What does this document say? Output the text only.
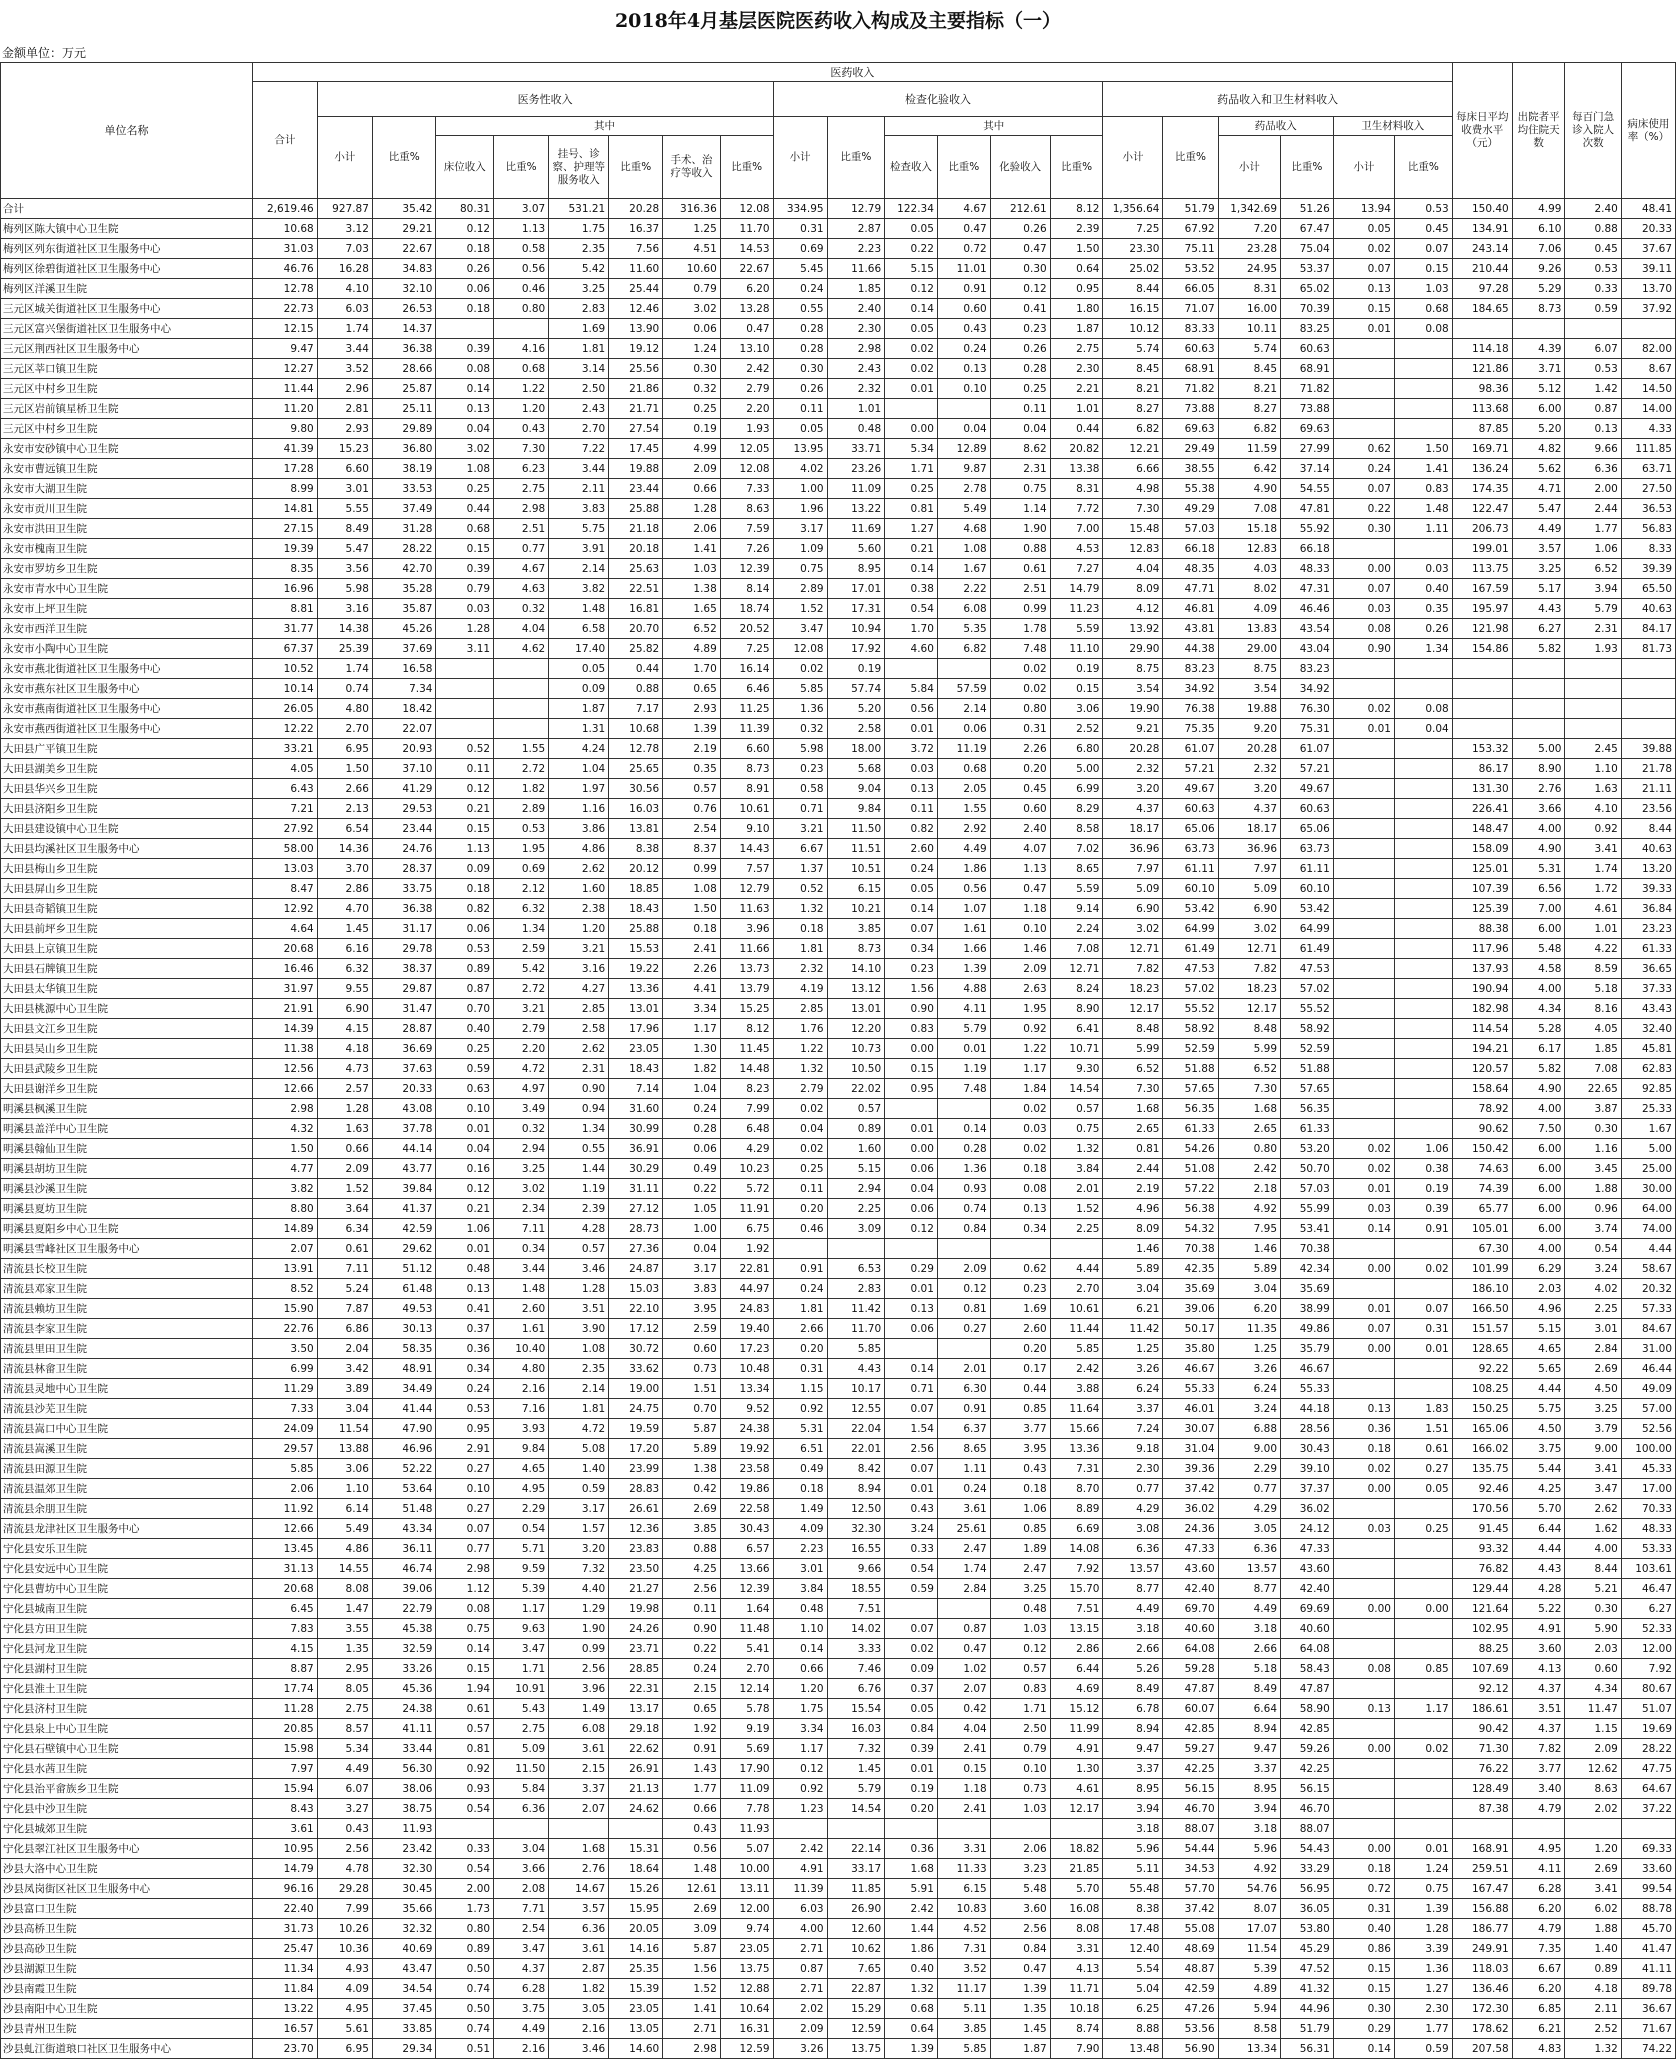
2018年4月基层医院医药收入构成及主要指标（一）
金额单位：万元
单位名称	医药收入																					每床日平均收费水平（元）	出院者平均住院天数	每百门急诊入院人次数	病床使用率（%）
	合计	医务性收入								检查化验收入						药品收入和卫生材料收入									
		小计	比重%	其中						小计	比重%	其中				小计	比重%	药品收入		卫生材料收入					
				床位收入	比重%	挂号、诊察、护理等服务收入	比重%	手术、治疗等收入	比重%			检查收入	比重%	化验收入	比重%			小计	比重%	小计	比重%				
合计	2,619.46	927.87	35.42	80.31	3.07	531.21	20.28	316.36	12.08	334.95	12.79	122.34	4.67	212.61	8.12	1,356.64	51.79	1,342.69	51.26	13.94	0.53	150.40	4.99	2.40	48.41
梅列区陈大镇中心卫生院	10.68	3.12	29.21	0.12	1.13	1.75	16.37	1.25	11.70	0.31	2.87	0.05	0.47	0.26	2.39	7.25	67.92	7.20	67.47	0.05	0.45	134.91	6.10	0.88	20.33
梅列区列东街道社区卫生服务中心	31.03	7.03	22.67	0.18	0.58	2.35	7.56	4.51	14.53	0.69	2.23	0.22	0.72	0.47	1.50	23.30	75.11	23.28	75.04	0.02	0.07	243.14	7.06	0.45	37.67
梅列区徐碧街道社区卫生服务中心	46.76	16.28	34.83	0.26	0.56	5.42	11.60	10.60	22.67	5.45	11.66	5.15	11.01	0.30	0.64	25.02	53.52	24.95	53.37	0.07	0.15	210.44	9.26	0.53	39.11
梅列区洋溪卫生院	12.78	4.10	32.10	0.06	0.46	3.25	25.44	0.79	6.20	0.24	1.85	0.12	0.91	0.12	0.95	8.44	66.05	8.31	65.02	0.13	1.03	97.28	5.29	0.33	13.70
三元区城关街道社区卫生服务中心	22.73	6.03	26.53	0.18	0.80	2.83	12.46	3.02	13.28	0.55	2.40	0.14	0.60	0.41	1.80	16.15	71.07	16.00	70.39	0.15	0.68	184.65	8.73	0.59	37.92
三元区富兴堡街道社区卫生服务中心	12.15	1.74	14.37			1.69	13.90	0.06	0.47	0.28	2.30	0.05	0.43	0.23	1.87	10.12	83.33	10.11	83.25	0.01	0.08				
三元区荆西社区卫生服务中心	9.47	3.44	36.38	0.39	4.16	1.81	19.12	1.24	13.10	0.28	2.98	0.02	0.24	0.26	2.75	5.74	60.63	5.74	60.63			114.18	4.39	6.07	82.00
三元区莘口镇卫生院	12.27	3.52	28.66	0.08	0.68	3.14	25.56	0.30	2.42	0.30	2.43	0.02	0.13	0.28	2.30	8.45	68.91	8.45	68.91			121.86	3.71	0.53	8.67
三元区中村乡卫生院	11.44	2.96	25.87	0.14	1.22	2.50	21.86	0.32	2.79	0.26	2.32	0.01	0.10	0.25	2.21	8.21	71.82	8.21	71.82			98.36	5.12	1.42	14.50
三元区岩前镇星桥卫生院	11.20	2.81	25.11	0.13	1.20	2.43	21.71	0.25	2.20	0.11	1.01			0.11	1.01	8.27	73.88	8.27	73.88			113.68	6.00	0.87	14.00
三元区中村乡卫生院	9.80	2.93	29.89	0.04	0.43	2.70	27.54	0.19	1.93	0.05	0.48	0.00	0.04	0.04	0.44	6.82	69.63	6.82	69.63			87.85	5.20	0.13	4.33
永安市安砂镇中心卫生院	41.39	15.23	36.80	3.02	7.30	7.22	17.45	4.99	12.05	13.95	33.71	5.34	12.89	8.62	20.82	12.21	29.49	11.59	27.99	0.62	1.50	169.71	4.82	9.66	111.85
永安市曹远镇卫生院	17.28	6.60	38.19	1.08	6.23	3.44	19.88	2.09	12.08	4.02	23.26	1.71	9.87	2.31	13.38	6.66	38.55	6.42	37.14	0.24	1.41	136.24	5.62	6.36	63.71
永安市大湖卫生院	8.99	3.01	33.53	0.25	2.75	2.11	23.44	0.66	7.33	1.00	11.09	0.25	2.78	0.75	8.31	4.98	55.38	4.90	54.55	0.07	0.83	174.35	4.71	2.00	27.50
永安市贡川卫生院	14.81	5.55	37.49	0.44	2.98	3.83	25.88	1.28	8.63	1.96	13.22	0.81	5.49	1.14	7.72	7.30	49.29	7.08	47.81	0.22	1.48	122.47	5.47	2.44	36.53
永安市洪田卫生院	27.15	8.49	31.28	0.68	2.51	5.75	21.18	2.06	7.59	3.17	11.69	1.27	4.68	1.90	7.00	15.48	57.03	15.18	55.92	0.30	1.11	206.73	4.49	1.77	56.83
永安市槐南卫生院	19.39	5.47	28.22	0.15	0.77	3.91	20.18	1.41	7.26	1.09	5.60	0.21	1.08	0.88	4.53	12.83	66.18	12.83	66.18			199.01	3.57	1.06	8.33
永安市罗坊乡卫生院	8.35	3.56	42.70	0.39	4.67	2.14	25.63	1.03	12.39	0.75	8.95	0.14	1.67	0.61	7.27	4.04	48.35	4.03	48.33	0.00	0.03	113.75	3.25	6.52	39.39
永安市青水中心卫生院	16.96	5.98	35.28	0.79	4.63	3.82	22.51	1.38	8.14	2.89	17.01	0.38	2.22	2.51	14.79	8.09	47.71	8.02	47.31	0.07	0.40	167.59	5.17	3.94	65.50
永安市上坪卫生院	8.81	3.16	35.87	0.03	0.32	1.48	16.81	1.65	18.74	1.52	17.31	0.54	6.08	0.99	11.23	4.12	46.81	4.09	46.46	0.03	0.35	195.97	4.43	5.79	40.63
永安市西洋卫生院	31.77	14.38	45.26	1.28	4.04	6.58	20.70	6.52	20.52	3.47	10.94	1.70	5.35	1.78	5.59	13.92	43.81	13.83	43.54	0.08	0.26	121.98	6.27	2.31	84.17
永安市小陶中心卫生院	67.37	25.39	37.69	3.11	4.62	17.40	25.82	4.89	7.25	12.08	17.92	4.60	6.82	7.48	11.10	29.90	44.38	29.00	43.04	0.90	1.34	154.86	5.82	1.93	81.73
永安市燕北街道社区卫生服务中心	10.52	1.74	16.58			0.05	0.44	1.70	16.14	0.02	0.19			0.02	0.19	8.75	83.23	8.75	83.23						
永安市燕东社区卫生服务中心	10.14	0.74	7.34			0.09	0.88	0.65	6.46	5.85	57.74	5.84	57.59	0.02	0.15	3.54	34.92	3.54	34.92						
永安市燕南街道社区卫生服务中心	26.05	4.80	18.42			1.87	7.17	2.93	11.25	1.36	5.20	0.56	2.14	0.80	3.06	19.90	76.38	19.88	76.30	0.02	0.08				
永安市燕西街道社区卫生服务中心	12.22	2.70	22.07			1.31	10.68	1.39	11.39	0.32	2.58	0.01	0.06	0.31	2.52	9.21	75.35	9.20	75.31	0.01	0.04				
大田县广平镇卫生院	33.21	6.95	20.93	0.52	1.55	4.24	12.78	2.19	6.60	5.98	18.00	3.72	11.19	2.26	6.80	20.28	61.07	20.28	61.07			153.32	5.00	2.45	39.88
大田县湖美乡卫生院	4.05	1.50	37.10	0.11	2.72	1.04	25.65	0.35	8.73	0.23	5.68	0.03	0.68	0.20	5.00	2.32	57.21	2.32	57.21			86.17	8.90	1.10	21.78
大田县华兴乡卫生院	6.43	2.66	41.29	0.12	1.82	1.97	30.56	0.57	8.91	0.58	9.04	0.13	2.05	0.45	6.99	3.20	49.67	3.20	49.67			131.30	2.76	1.63	21.11
大田县济阳乡卫生院	7.21	2.13	29.53	0.21	2.89	1.16	16.03	0.76	10.61	0.71	9.84	0.11	1.55	0.60	8.29	4.37	60.63	4.37	60.63			226.41	3.66	4.10	23.56
大田县建设镇中心卫生院	27.92	6.54	23.44	0.15	0.53	3.86	13.81	2.54	9.10	3.21	11.50	0.82	2.92	2.40	8.58	18.17	65.06	18.17	65.06			148.47	4.00	0.92	8.44
大田县均溪社区卫生服务中心	58.00	14.36	24.76	1.13	1.95	4.86	8.38	8.37	14.43	6.67	11.51	2.60	4.49	4.07	7.02	36.96	63.73	36.96	63.73			158.09	4.90	3.41	40.63
大田县梅山乡卫生院	13.03	3.70	28.37	0.09	0.69	2.62	20.12	0.99	7.57	1.37	10.51	0.24	1.86	1.13	8.65	7.97	61.11	7.97	61.11			125.01	5.31	1.74	13.20
大田县屏山乡卫生院	8.47	2.86	33.75	0.18	2.12	1.60	18.85	1.08	12.79	0.52	6.15	0.05	0.56	0.47	5.59	5.09	60.10	5.09	60.10			107.39	6.56	1.72	39.33
大田县奇韬镇卫生院	12.92	4.70	36.38	0.82	6.32	2.38	18.43	1.50	11.63	1.32	10.21	0.14	1.07	1.18	9.14	6.90	53.42	6.90	53.42			125.39	7.00	4.61	36.84
大田县前坪乡卫生院	4.64	1.45	31.17	0.06	1.34	1.20	25.88	0.18	3.96	0.18	3.85	0.07	1.61	0.10	2.24	3.02	64.99	3.02	64.99			88.38	6.00	1.01	23.23
大田县上京镇卫生院	20.68	6.16	29.78	0.53	2.59	3.21	15.53	2.41	11.66	1.81	8.73	0.34	1.66	1.46	7.08	12.71	61.49	12.71	61.49			117.96	5.48	4.22	61.33
大田县石牌镇卫生院	16.46	6.32	38.37	0.89	5.42	3.16	19.22	2.26	13.73	2.32	14.10	0.23	1.39	2.09	12.71	7.82	47.53	7.82	47.53			137.93	4.58	8.59	36.65
大田县太华镇卫生院	31.97	9.55	29.87	0.87	2.72	4.27	13.36	4.41	13.79	4.19	13.12	1.56	4.88	2.63	8.24	18.23	57.02	18.23	57.02			190.94	4.00	5.18	37.33
大田县桃源中心卫生院	21.91	6.90	31.47	0.70	3.21	2.85	13.01	3.34	15.25	2.85	13.01	0.90	4.11	1.95	8.90	12.17	55.52	12.17	55.52			182.98	4.34	8.16	43.43
大田县文江乡卫生院	14.39	4.15	28.87	0.40	2.79	2.58	17.96	1.17	8.12	1.76	12.20	0.83	5.79	0.92	6.41	8.48	58.92	8.48	58.92			114.54	5.28	4.05	32.40
大田县吴山乡卫生院	11.38	4.18	36.69	0.25	2.20	2.62	23.05	1.30	11.45	1.22	10.73	0.00	0.01	1.22	10.71	5.99	52.59	5.99	52.59			194.21	6.17	1.85	45.81
大田县武陵乡卫生院	12.56	4.73	37.63	0.59	4.72	2.31	18.43	1.82	14.48	1.32	10.50	0.15	1.19	1.17	9.30	6.52	51.88	6.52	51.88			120.57	5.82	7.08	62.83
大田县谢洋乡卫生院	12.66	2.57	20.33	0.63	4.97	0.90	7.14	1.04	8.23	2.79	22.02	0.95	7.48	1.84	14.54	7.30	57.65	7.30	57.65			158.64	4.90	22.65	92.85
明溪县枫溪卫生院	2.98	1.28	43.08	0.10	3.49	0.94	31.60	0.24	7.99	0.02	0.57			0.02	0.57	1.68	56.35	1.68	56.35			78.92	4.00	3.87	25.33
明溪县盖洋中心卫生院	4.32	1.63	37.78	0.01	0.32	1.34	30.99	0.28	6.48	0.04	0.89	0.01	0.14	0.03	0.75	2.65	61.33	2.65	61.33			90.62	7.50	0.30	1.67
明溪县翰仙卫生院	1.50	0.66	44.14	0.04	2.94	0.55	36.91	0.06	4.29	0.02	1.60	0.00	0.28	0.02	1.32	0.81	54.26	0.80	53.20	0.02	1.06	150.42	6.00	1.16	5.00
明溪县胡坊卫生院	4.77	2.09	43.77	0.16	3.25	1.44	30.29	0.49	10.23	0.25	5.15	0.06	1.36	0.18	3.84	2.44	51.08	2.42	50.70	0.02	0.38	74.63	6.00	3.45	25.00
明溪县沙溪卫生院	3.82	1.52	39.84	0.12	3.02	1.19	31.11	0.22	5.72	0.11	2.94	0.04	0.93	0.08	2.01	2.19	57.22	2.18	57.03	0.01	0.19	74.39	6.00	1.88	30.00
明溪县夏坊卫生院	8.80	3.64	41.37	0.21	2.34	2.39	27.12	1.05	11.91	0.20	2.25	0.06	0.74	0.13	1.52	4.96	56.38	4.92	55.99	0.03	0.39	65.77	6.00	0.96	64.00
明溪县夏阳乡中心卫生院	14.89	6.34	42.59	1.06	7.11	4.28	28.73	1.00	6.75	0.46	3.09	0.12	0.84	0.34	2.25	8.09	54.32	7.95	53.41	0.14	0.91	105.01	6.00	3.74	74.00
明溪县雪峰社区卫生服务中心	2.07	0.61	29.62	0.01	0.34	0.57	27.36	0.04	1.92							1.46	70.38	1.46	70.38			67.30	4.00	0.54	4.44
清流县长校卫生院	13.91	7.11	51.12	0.48	3.44	3.46	24.87	3.17	22.81	0.91	6.53	0.29	2.09	0.62	4.44	5.89	42.35	5.89	42.34	0.00	0.02	101.99	6.29	3.24	58.67
清流县邓家卫生院	8.52	5.24	61.48	0.13	1.48	1.28	15.03	3.83	44.97	0.24	2.83	0.01	0.12	0.23	2.70	3.04	35.69	3.04	35.69			186.10	2.03	4.02	20.32
清流县赖坊卫生院	15.90	7.87	49.53	0.41	2.60	3.51	22.10	3.95	24.83	1.81	11.42	0.13	0.81	1.69	10.61	6.21	39.06	6.20	38.99	0.01	0.07	166.50	4.96	2.25	57.33
清流县李家卫生院	22.76	6.86	30.13	0.37	1.61	3.90	17.12	2.59	19.40	2.66	11.70	0.06	0.27	2.60	11.44	11.42	50.17	11.35	49.86	0.07	0.31	151.57	5.15	3.01	84.67
清流县里田卫生院	3.50	2.04	58.35	0.36	10.40	1.08	30.72	0.60	17.23	0.20	5.85			0.20	5.85	1.25	35.80	1.25	35.79	0.00	0.01	128.65	4.65	2.84	31.00
清流县林畲卫生院	6.99	3.42	48.91	0.34	4.80	2.35	33.62	0.73	10.48	0.31	4.43	0.14	2.01	0.17	2.42	3.26	46.67	3.26	46.67			92.22	5.65	2.69	46.44
清流县灵地中心卫生院	11.29	3.89	34.49	0.24	2.16	2.14	19.00	1.51	13.34	1.15	10.17	0.71	6.30	0.44	3.88	6.24	55.33	6.24	55.33			108.25	4.44	4.50	49.09
清流县沙芜卫生院	7.33	3.04	41.44	0.53	7.16	1.81	24.75	0.70	9.52	0.92	12.55	0.07	0.91	0.85	11.64	3.37	46.01	3.24	44.18	0.13	1.83	150.25	5.75	3.25	57.00
清流县嵩口中心卫生院	24.09	11.54	47.90	0.95	3.93	4.72	19.59	5.87	24.38	5.31	22.04	1.54	6.37	3.77	15.66	7.24	30.07	6.88	28.56	0.36	1.51	165.06	4.50	3.79	52.56
清流县嵩溪卫生院	29.57	13.88	46.96	2.91	9.84	5.08	17.20	5.89	19.92	6.51	22.01	2.56	8.65	3.95	13.36	9.18	31.04	9.00	30.43	0.18	0.61	166.02	3.75	9.00	100.00
清流县田源卫生院	5.85	3.06	52.22	0.27	4.65	1.40	23.99	1.38	23.58	0.49	8.42	0.07	1.11	0.43	7.31	2.30	39.36	2.29	39.10	0.02	0.27	135.75	5.44	3.41	45.33
清流县温郊卫生院	2.06	1.10	53.64	0.10	4.95	0.59	28.83	0.42	19.86	0.18	8.94	0.01	0.24	0.18	8.70	0.77	37.42	0.77	37.37	0.00	0.05	92.46	4.25	3.47	17.00
清流县余朋卫生院	11.92	6.14	51.48	0.27	2.29	3.17	26.61	2.69	22.58	1.49	12.50	0.43	3.61	1.06	8.89	4.29	36.02	4.29	36.02			170.56	5.70	2.62	70.33
清流县龙津社区卫生服务中心	12.66	5.49	43.34	0.07	0.54	1.57	12.36	3.85	30.43	4.09	32.30	3.24	25.61	0.85	6.69	3.08	24.36	3.05	24.12	0.03	0.25	91.45	6.44	1.62	48.33
宁化县安乐卫生院	13.45	4.86	36.11	0.77	5.71	3.20	23.83	0.88	6.57	2.23	16.55	0.33	2.47	1.89	14.08	6.36	47.33	6.36	47.33			93.32	4.44	4.00	53.33
宁化县安远中心卫生院	31.13	14.55	46.74	2.98	9.59	7.32	23.50	4.25	13.66	3.01	9.66	0.54	1.74	2.47	7.92	13.57	43.60	13.57	43.60			76.82	4.43	8.44	103.61
宁化县曹坊中心卫生院	20.68	8.08	39.06	1.12	5.39	4.40	21.27	2.56	12.39	3.84	18.55	0.59	2.84	3.25	15.70	8.77	42.40	8.77	42.40			129.44	4.28	5.21	46.47
宁化县城南卫生院	6.45	1.47	22.79	0.08	1.17	1.29	19.98	0.11	1.64	0.48	7.51			0.48	7.51	4.49	69.70	4.49	69.69	0.00	0.00	121.64	5.22	0.30	6.27
宁化县方田卫生院	7.83	3.55	45.38	0.75	9.63	1.90	24.26	0.90	11.48	1.10	14.02	0.07	0.87	1.03	13.15	3.18	40.60	3.18	40.60			102.95	4.91	5.90	52.33
宁化县河龙卫生院	4.15	1.35	32.59	0.14	3.47	0.99	23.71	0.22	5.41	0.14	3.33	0.02	0.47	0.12	2.86	2.66	64.08	2.66	64.08			88.25	3.60	2.03	12.00
宁化县湖村卫生院	8.87	2.95	33.26	0.15	1.71	2.56	28.85	0.24	2.70	0.66	7.46	0.09	1.02	0.57	6.44	5.26	59.28	5.18	58.43	0.08	0.85	107.69	4.13	0.60	7.92
宁化县淮土卫生院	17.74	8.05	45.36	1.94	10.91	3.96	22.31	2.15	12.14	1.20	6.76	0.37	2.07	0.83	4.69	8.49	47.87	8.49	47.87			92.12	4.37	4.34	80.67
宁化县济村卫生院	11.28	2.75	24.38	0.61	5.43	1.49	13.17	0.65	5.78	1.75	15.54	0.05	0.42	1.71	15.12	6.78	60.07	6.64	58.90	0.13	1.17	186.61	3.51	11.47	51.07
宁化县泉上中心卫生院	20.85	8.57	41.11	0.57	2.75	6.08	29.18	1.92	9.19	3.34	16.03	0.84	4.04	2.50	11.99	8.94	42.85	8.94	42.85			90.42	4.37	1.15	19.69
宁化县石壁镇中心卫生院	15.98	5.34	33.44	0.81	5.09	3.61	22.62	0.91	5.69	1.17	7.32	0.39	2.41	0.79	4.91	9.47	59.27	9.47	59.26	0.00	0.02	71.30	7.82	2.09	28.22
宁化县水茜卫生院	7.97	4.49	56.30	0.92	11.50	2.15	26.91	1.43	17.90	0.12	1.45	0.01	0.15	0.10	1.30	3.37	42.25	3.37	42.25			76.22	3.77	12.62	47.75
宁化县治平畲族乡卫生院	15.94	6.07	38.06	0.93	5.84	3.37	21.13	1.77	11.09	0.92	5.79	0.19	1.18	0.73	4.61	8.95	56.15	8.95	56.15			128.49	3.40	8.63	64.67
宁化县中沙卫生院	8.43	3.27	38.75	0.54	6.36	2.07	24.62	0.66	7.78	1.23	14.54	0.20	2.41	1.03	12.17	3.94	46.70	3.94	46.70			87.38	4.79	2.02	37.22
宁化县城郊卫生院	3.61	0.43	11.93					0.43	11.93							3.18	88.07	3.18	88.07						
宁化县翠江社区卫生服务中心	10.95	2.56	23.42	0.33	3.04	1.68	15.31	0.56	5.07	2.42	22.14	0.36	3.31	2.06	18.82	5.96	54.44	5.96	54.43	0.00	0.01	168.91	4.95	1.20	69.33
沙县大洛中心卫生院	14.79	4.78	32.30	0.54	3.66	2.76	18.64	1.48	10.00	4.91	33.17	1.68	11.33	3.23	21.85	5.11	34.53	4.92	33.29	0.18	1.24	259.51	4.11	2.69	33.60
沙县凤岗街区社区卫生服务中心	96.16	29.28	30.45	2.00	2.08	14.67	15.26	12.61	13.11	11.39	11.85	5.91	6.15	5.48	5.70	55.48	57.70	54.76	56.95	0.72	0.75	167.47	6.28	3.41	99.54
沙县富口卫生院	22.40	7.99	35.66	1.73	7.71	3.57	15.95	2.69	12.00	6.03	26.90	2.42	10.83	3.60	16.08	8.38	37.42	8.07	36.05	0.31	1.39	156.88	6.20	6.02	88.78
沙县高桥卫生院	31.73	10.26	32.32	0.80	2.54	6.36	20.05	3.09	9.74	4.00	12.60	1.44	4.52	2.56	8.08	17.48	55.08	17.07	53.80	0.40	1.28	186.77	4.79	1.88	45.70
沙县高砂卫生院	25.47	10.36	40.69	0.89	3.47	3.61	14.16	5.87	23.05	2.71	10.62	1.86	7.31	0.84	3.31	12.40	48.69	11.54	45.29	0.86	3.39	249.91	7.35	1.40	41.47
沙县湖源卫生院	11.34	4.93	43.47	0.50	4.37	2.87	25.35	1.56	13.75	0.87	7.65	0.40	3.52	0.47	4.13	5.54	48.87	5.39	47.52	0.15	1.36	118.03	6.67	0.89	41.11
沙县南霞卫生院	11.84	4.09	34.54	0.74	6.28	1.82	15.39	1.52	12.88	2.71	22.87	1.32	11.17	1.39	11.71	5.04	42.59	4.89	41.32	0.15	1.27	136.46	6.20	4.18	89.78
沙县南阳中心卫生院	13.22	4.95	37.45	0.50	3.75	3.05	23.05	1.41	10.64	2.02	15.29	0.68	5.11	1.35	10.18	6.25	47.26	5.94	44.96	0.30	2.30	172.30	6.85	2.11	36.67
沙县青州卫生院	16.57	5.61	33.85	0.74	4.49	2.16	13.05	2.71	16.31	2.09	12.59	0.64	3.85	1.45	8.74	8.88	53.56	8.58	51.79	0.29	1.77	178.62	6.21	2.52	71.67
沙县虬江街道琅口社区卫生服务中心	23.70	6.95	29.34	0.51	2.16	3.46	14.60	2.98	12.59	3.26	13.75	1.39	5.85	1.87	7.90	13.48	56.90	13.34	56.31	0.14	0.59	207.58	4.83	1.32	74.22
